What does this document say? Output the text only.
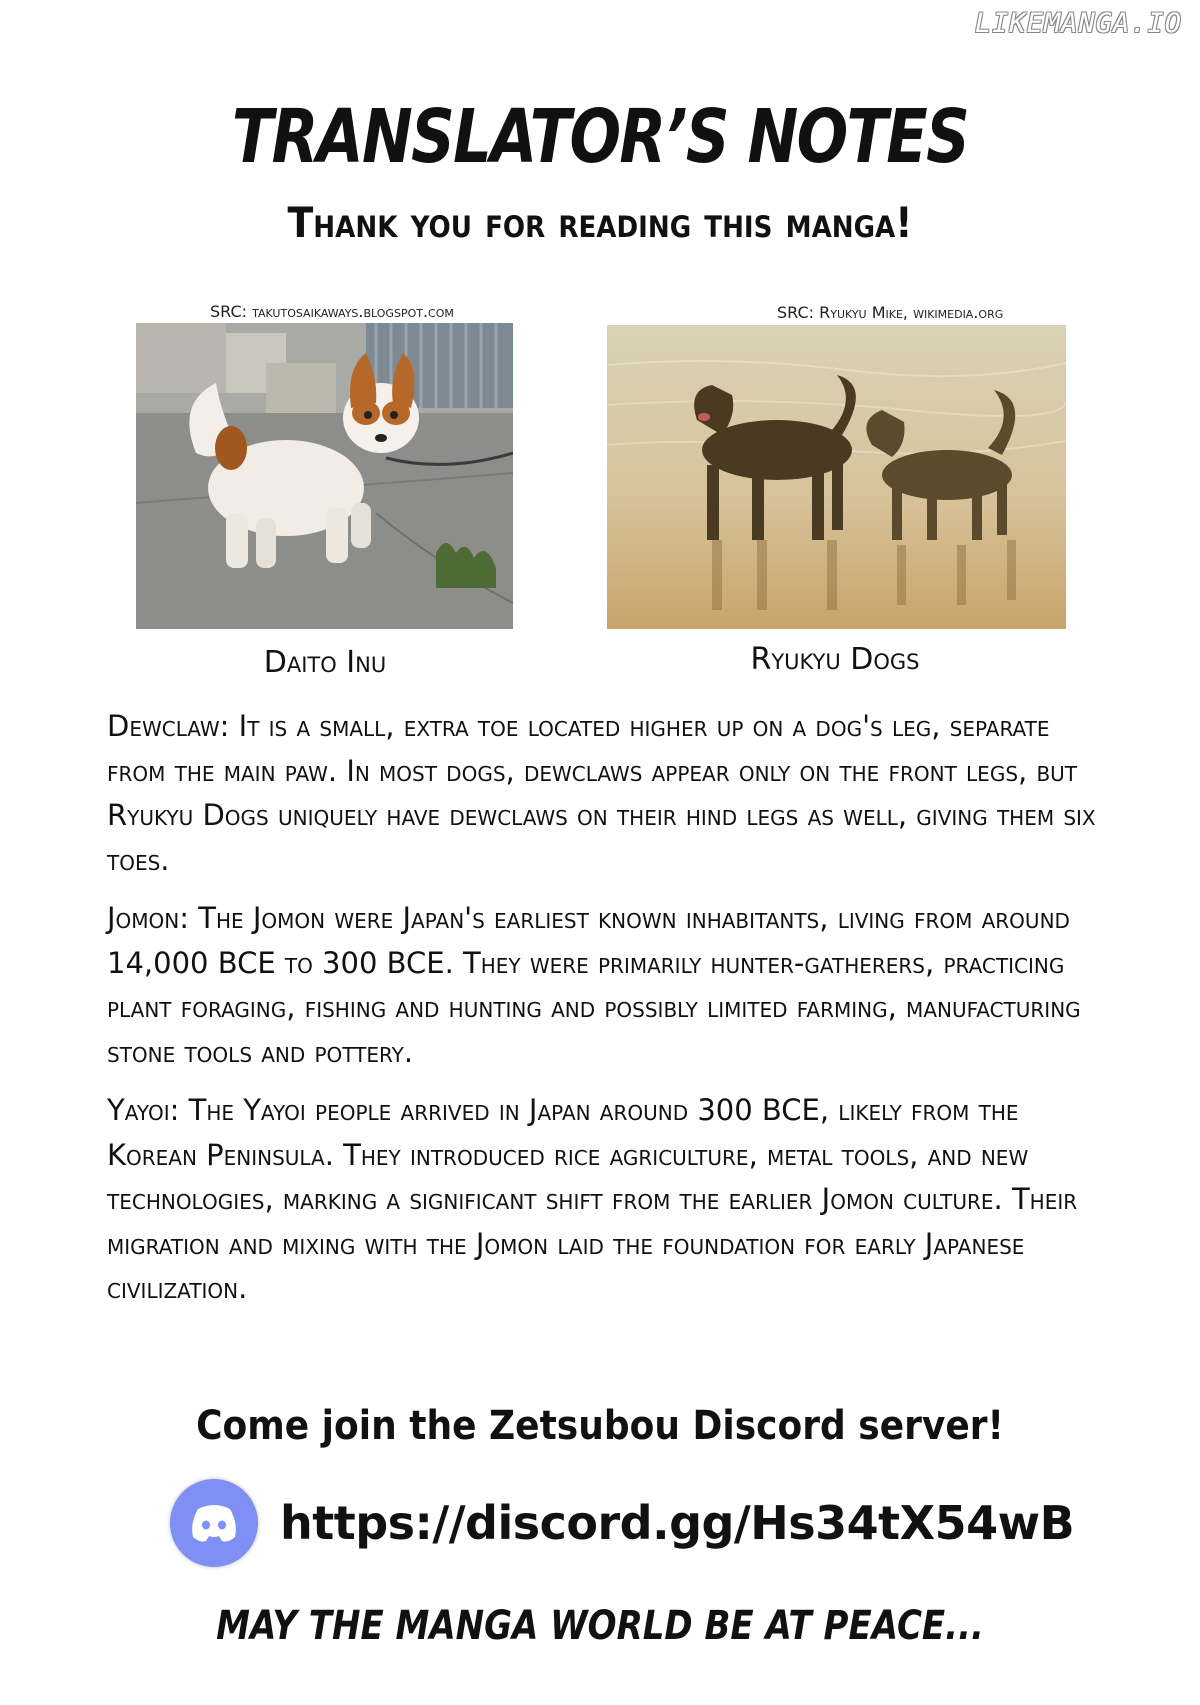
LIKEMANGA.IO
TRANSLATOR’S NOTES
Thank you for reading this manga!
SRC: takutosaikaways.blogspot.com
Daito Inu
SRC: Ryukyu Mike, wikimedia.org
Ryukyu Dogs

Dewclaw: It is a small, extra toe located higher up on a dog's leg, separate from the main paw. In most dogs, dewclaws appear only on the front legs, but Ryukyu Dogs uniquely have dewclaws on their hind legs as well, giving them six toes.

Jomon: The Jomon were Japan's earliest known inhabitants, living from around 14,000 BCE to 300 BCE. They were primarily hunter-gatherers, practicing plant foraging, fishing and hunting and possibly limited farming, manufacturing stone tools and pottery.

Yayoi: The Yayoi people arrived in Japan around 300 BCE, likely from the Korean Peninsula. They introduced rice agriculture, metal tools, and new technologies, marking a significant shift from the earlier Jomon culture. Their migration and mixing with the Jomon laid the foundation for early Japanese civilization.

Come join the Zetsubou Discord server!
https://discord.gg/Hs34tX54wB
MAY THE MANGA WORLD BE AT PEACE...
